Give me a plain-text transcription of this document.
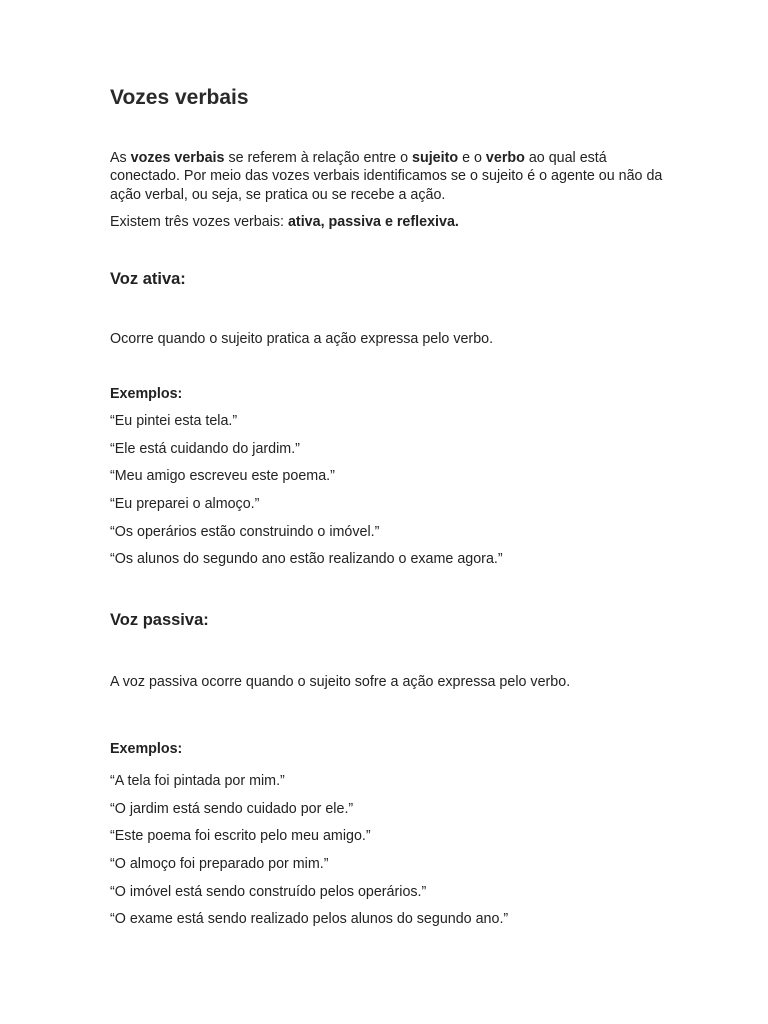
Vozes verbais

As vozes verbais se referem à relação entre o sujeito e o verbo ao qual está conectado. Por meio das vozes verbais identificamos se o sujeito é o agente ou não da ação verbal, ou seja, se pratica ou se recebe a ação.

Existem três vozes verbais: ativa, passiva e reflexiva.

Voz ativa:

Ocorre quando o sujeito pratica a ação expressa pelo verbo.

Exemplos:

“Eu pintei esta tela.”
“Ele está cuidando do jardim.”
“Meu amigo escreveu este poema.”
“Eu preparei o almoço.”
“Os operários estão construindo o imóvel.”
“Os alunos do segundo ano estão realizando o exame agora.”
Voz passiva:

A voz passiva ocorre quando o sujeito sofre a ação expressa pelo verbo.

Exemplos:

“A tela foi pintada por mim.”
“O jardim está sendo cuidado por ele.”
“Este poema foi escrito pelo meu amigo.”
“O almoço foi preparado por mim.”
“O imóvel está sendo construído pelos operários.”
“O exame está sendo realizado pelos alunos do segundo ano.”
